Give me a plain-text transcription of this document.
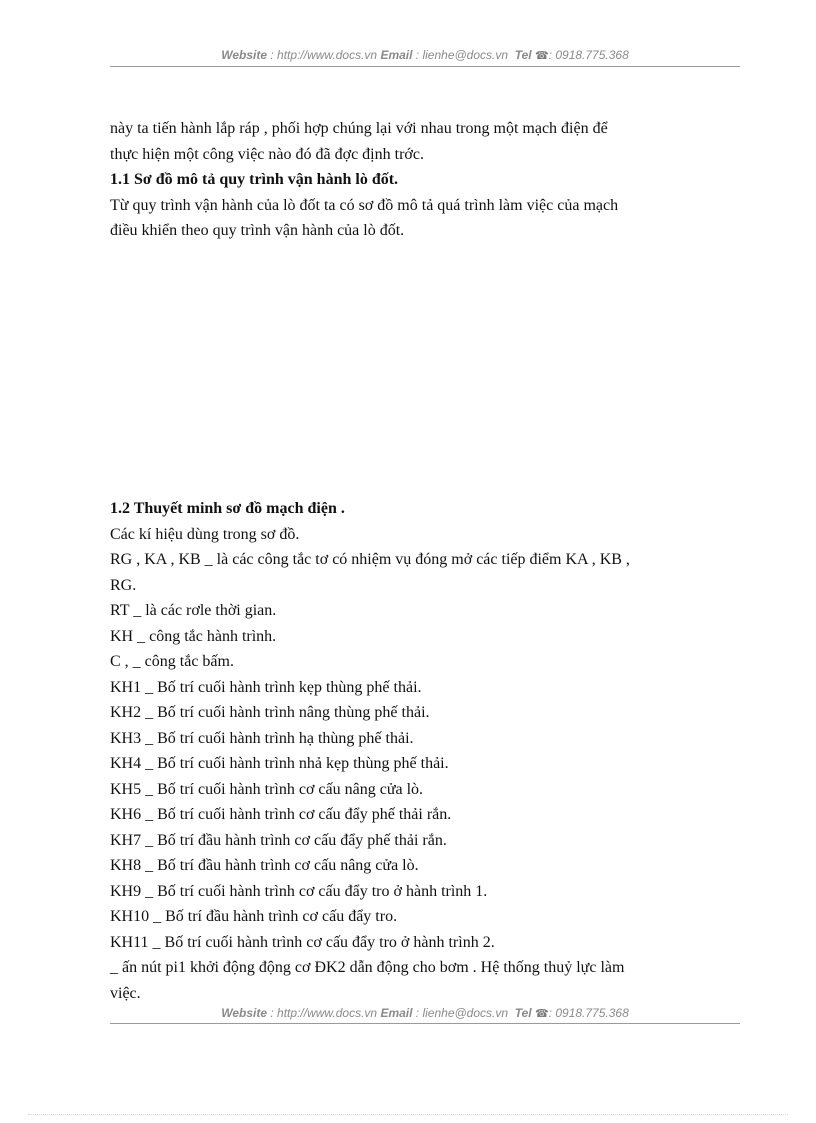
Website : http://www.docs.vn Email : lienhe@docs.vn Tel ☎: 0918.775.368

này ta tiến hành lắp ráp , phối hợp chúng lại với nhau trong một mạch điện để

thực hiện một công việc nào đó đã đợc định trớc.

1.1 Sơ đồ mô tả quy trình vận hành lò đốt.

Từ quy trình vận hành của lò đốt ta có sơ đồ mô tả quá trình làm việc của mạch

điều khiển theo quy trình vận hành của lò đốt.

1.2 Thuyết minh sơ đồ mạch điện .

Các kí hiệu dùng trong sơ đồ.

RG , KA , KB _ là các công tắc tơ có nhiệm vụ đóng mở các tiếp điểm KA , KB ,

RG.

RT _ là các rơle thời gian.

KH _ công tắc hành trình.

C , _ công tắc bấm.

KH1 _ Bố trí cuối hành trình kẹp thùng phế thải.

KH2 _ Bố trí cuối hành trình nâng thùng phế thải.

KH3 _ Bố trí cuối hành trình hạ thùng phế thải.

KH4 _ Bố trí cuối hành trình nhả kẹp thùng phế thải.

KH5 _ Bố trí cuối hành trình cơ cấu nâng cửa lò.

KH6 _ Bố trí cuối hành trình cơ cấu đẩy phế thải rắn.

KH7 _ Bố trí đầu hành trình cơ cấu đẩy phế thải rắn.

KH8 _ Bố trí đầu hành trình cơ cấu nâng cửa lò.

KH9 _ Bố trí cuối hành trình cơ cấu đẩy tro ở hành trình 1.

KH10 _ Bố trí đầu hành trình cơ cấu đẩy tro.

KH11 _ Bố trí cuối hành trình cơ cấu đẩy tro ở hành trình 2.

_ ấn nút pi1 khởi động động cơ ĐK2 dẫn động cho bơm . Hệ thống thuỷ lực làm

việc.

Website : http://www.docs.vn Email : lienhe@docs.vn Tel ☎: 0918.775.368
